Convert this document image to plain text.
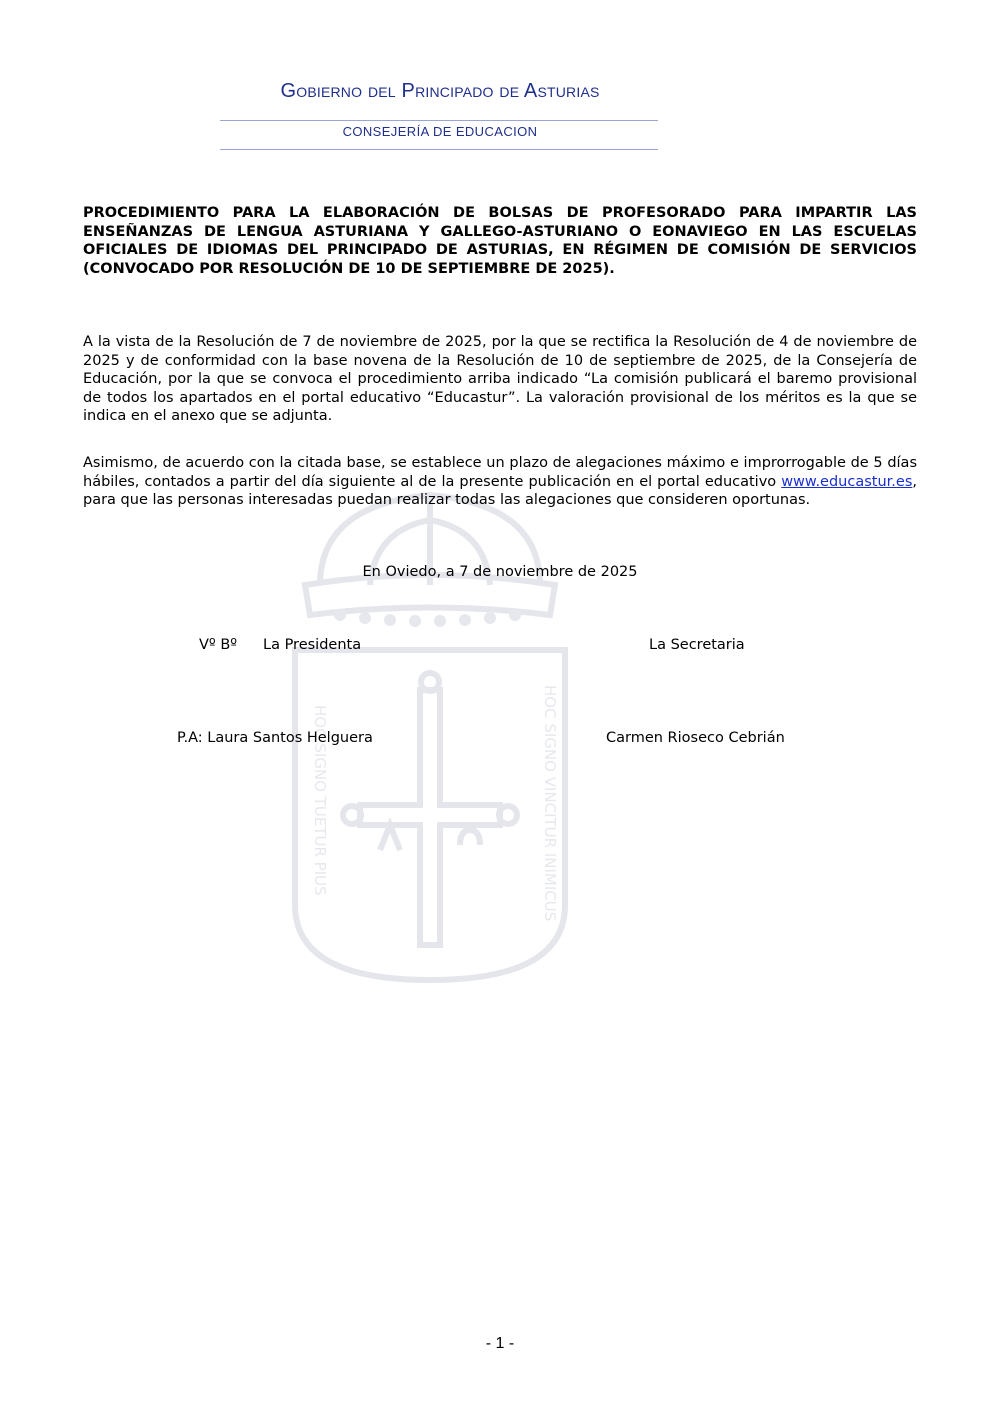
Gobierno del Principado de Asturias
CONSEJERÍA DE EDUCACION
HOC SIGNO TUETUR PIUS	HOC SIGNO VINCITUR INIMICUS
PROCEDIMIENTO PARA LA ELABORACIÓN DE BOLSAS DE PROFESORADO PARA IMPARTIR LAS ENSEÑANZAS DE LENGUA ASTURIANA Y GALLEGO-ASTURIANO O EONAVIEGO EN LAS ESCUELAS OFICIALES DE IDIOMAS DEL PRINCIPADO DE ASTURIAS, EN RÉGIMEN DE COMISIÓN DE SERVICIOS (CONVOCADO POR RESOLUCIÓN DE 10 DE SEPTIEMBRE DE 2025).
A la vista de la Resolución de 7 de noviembre de 2025, por la que se rectifica la Resolución de 4 de noviembre de 2025 y de conformidad con la base novena de la Resolución de 10 de septiembre de 2025, de la Consejería de Educación, por la que se convoca el procedimiento arriba indicado “La comisión publicará el baremo provisional de todos los apartados en el portal educativo “Educastur”. La valoración provisional de los méritos es la que se indica en el anexo que se adjunta.
Asimismo, de acuerdo con la citada base, se establece un plazo de alegaciones máximo e improrrogable de 5 días hábiles, contados a partir del día siguiente al de la presente publicación en el portal educativo www.educastur.es, para que las personas interesadas puedan realizar todas las alegaciones que consideren oportunas.
En Oviedo, a 7 de noviembre de 2025
Vº Bº La Presidenta	La Secretaria
P.A: Laura Santos Helguera	Carmen Rioseco Cebrián
- 1 -
